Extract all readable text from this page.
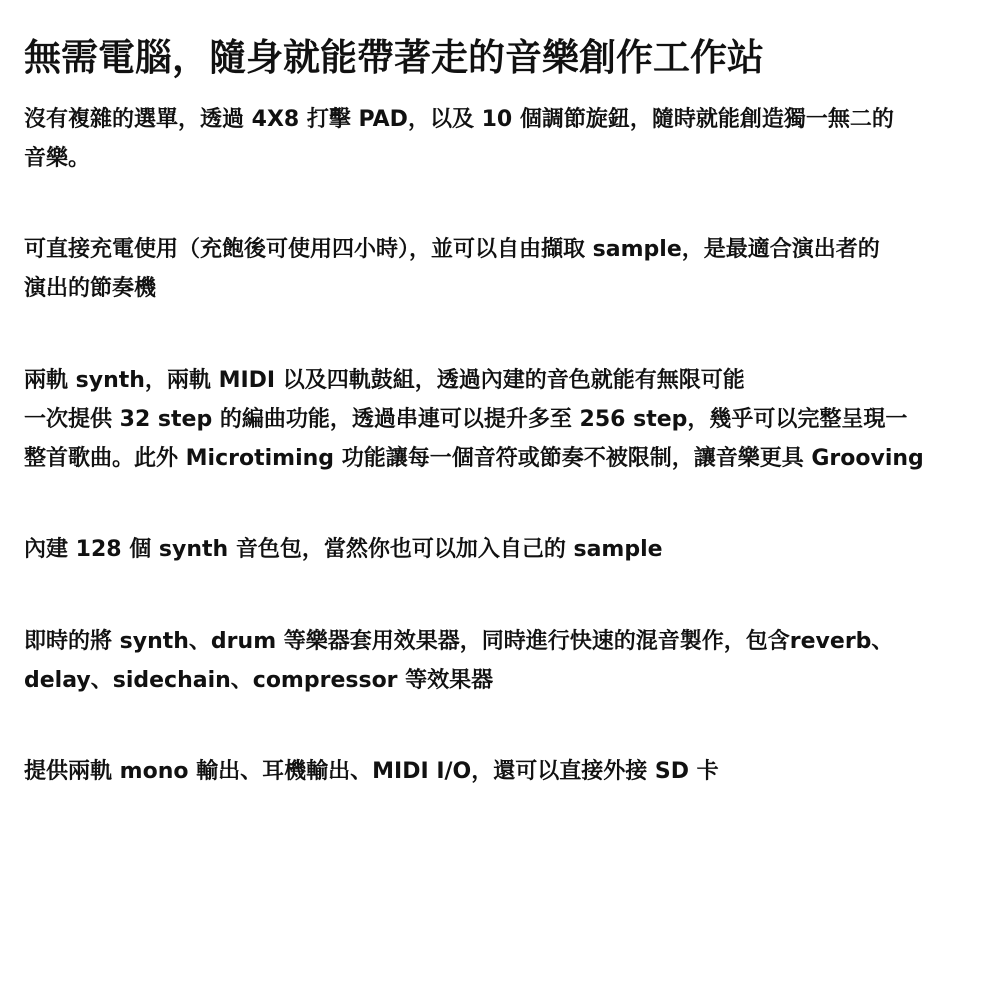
無需電腦，隨身就能帶著走的音樂創作工作站

沒有複雜的選單，透過 4X8 打擊 PAD，以及 10 個調節旋鈕，隨時就能創造獨一無二的
音樂。

可直接充電使用（充飽後可使用四小時），並可以自由擷取 sample，是最適合演出者的
演出的節奏機

兩軌 synth，兩軌 MIDI 以及四軌鼓組，透過內建的音色就能有無限可能
一次提供 32 step 的編曲功能，透過串連可以提升多至 256 step，幾乎可以完整呈現一
整首歌曲。此外 Microtiming 功能讓每一個音符或節奏不被限制，讓音樂更具 Grooving

內建 128 個 synth 音色包，當然你也可以加入自己的 sample

即時的將 synth、drum 等樂器套用效果器，同時進行快速的混音製作，包含reverb、
delay、sidechain、compressor 等效果器

提供兩軌 mono 輸出、耳機輸出、MIDI I/O，還可以直接外接 SD 卡
